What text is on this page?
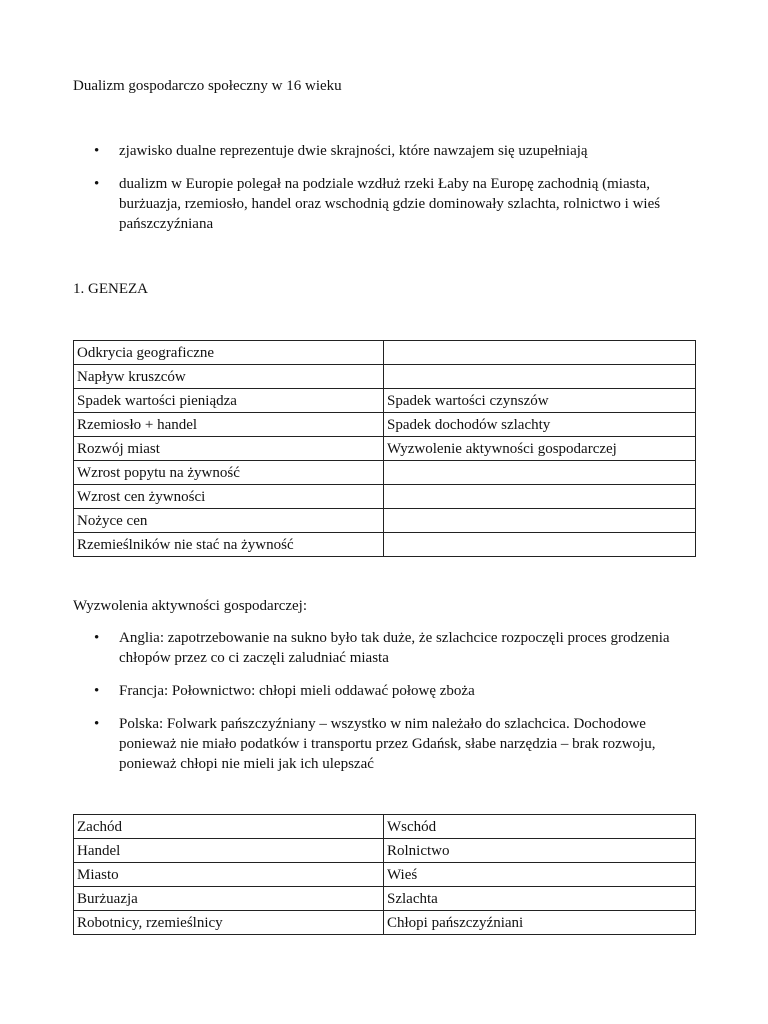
Dualizm gospodarczo społeczny w 16 wieku
• zjawisko dualne reprezentuje dwie skrajności, które nawzajem się uzupełniają
• dualizm w Europie polegał na podziale wzdłuż rzeki Łaby na Europę zachodnią (miasta, burżuazja, rzemiosło, handel oraz wschodnią gdzie dominowały szlachta, rolnictwo i wieś pańszczyźniana
1. GENEZA
Odkrycia geograficzne	
Napływ kruszców	
Spadek wartości pieniądza	Spadek wartości czynszów
Rzemiosło + handel	Spadek dochodów szlachty
Rozwój miast	Wyzwolenie aktywności gospodarczej
Wzrost popytu na żywność	
Wzrost cen żywności	
Nożyce cen	
Rzemieślników nie stać na żywność	

Wyzwolenia aktywności gospodarczej:

• Anglia: zapotrzebowanie na sukno było tak duże, że szlachcice rozpoczęli proces grodzenia chłopów przez co ci zaczęli zaludniać miasta
• Francja: Połownictwo: chłopi mieli oddawać połowę zboża
• Polska: Folwark pańszczyźniany – wszystko w nim należało do szlachcica. Dochodowe ponieważ nie miało podatków i transportu przez Gdańsk, słabe narzędzia – brak rozwoju, ponieważ chłopi nie mieli jak ich ulepszać
Zachód	Wschód
Handel	Rolnictwo
Miasto	Wieś
Burżuazja	Szlachta
Robotnicy, rzemieślnicy	Chłopi pańszczyźniani
